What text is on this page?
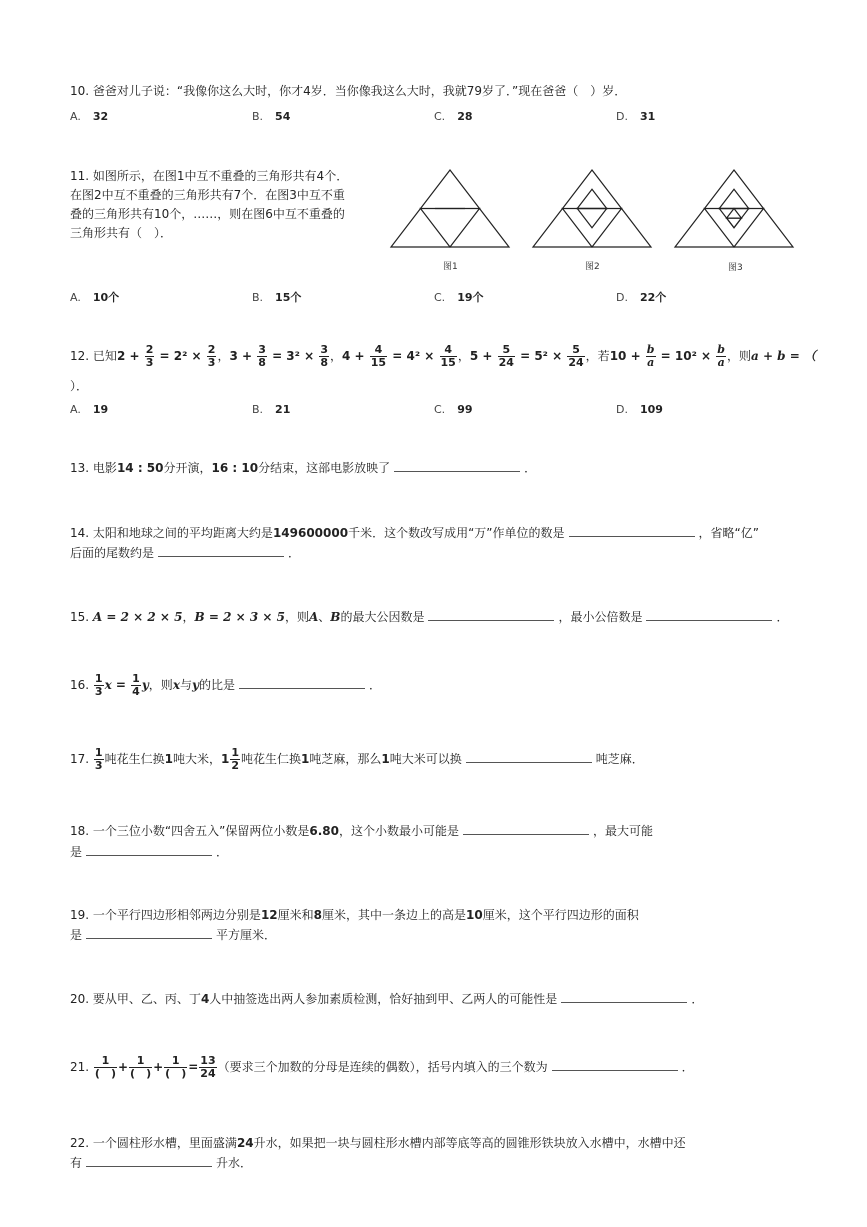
10. 爸爸对儿子说：“我像你这么大时，你才4岁．当你像我这么大时，我就79岁了．”现在爸爸（　）岁．
A. 32	B. 54	C. 28	D. 31
11. 如图所示，在图1中互不重叠的三角形共有4个．
在图2中互不重叠的三角形共有7个．在图3中互不重
叠的三角形共有10个，……，则在图6中互不重叠的
三角形共有（　）．
图1	图2	图3
A. 10个	B. 15个	C. 19个	D. 22个
12. 已知$2 + \frac{2}{3} = 2^2 \times \frac{2}{3}$ ，$3 + \frac{3}{8} = 3^2 \times \frac{3}{8}$ ，$4 + \frac{4}{15} = 4^2 \times \frac{4}{15}$ ，$5 + \frac{5}{24} = 5^2 \times \frac{5}{24}$ ，若$10 + \frac{b}{a} = 10^2 \times \frac{b}{a}$ ，则a + b = （
）．
A. 19	B. 21	C. 99	D. 109
13. 电影14 : 50分开演，16 : 10分结束，这部电影放映了	．
14. 太阳和地球之间的平均距离大约是149600000千米．这个数改写成用“万”作单位的数是	，省略“亿”
后面的尾数约是	．
15. A = 2 × 2 × 5，B = 2 × 3 × 5，则A、B的最大公因数是	，最小公倍数是	．
16. $\frac{1}{3}$ $x = \frac{1}{4}$ y，则x与y的比是	．
17. $\frac{1}{3}$ 吨花生仁换1吨大米，$1 \frac{1}{2}$ 吨花生仁换1吨芝麻，那么1吨大米可以换	吨芝麻．
18. 一个三位小数“四舍五入”保留两位小数是6.80，这个小数最小可能是	，最大可能
是	．
19. 一个平行四边形相邻两边分别是12厘米和8厘米，其中一条边上的高是10厘米，这个平行四边形的面积
是	平方厘米．
20. 要从甲、乙、丙、丁4人中抽签选出两人参加素质检测，恰好抽到甲、乙两人的可能性是	．
21. $\frac{1}{( )} + \frac{1}{( )} + \frac{1}{( )} = \frac{13}{24}$ （要求三个加数的分母是连续的偶数），括号内填入的三个数为	．
22. 一个圆柱形水槽，里面盛满24升水，如果把一块与圆柱形水槽内部等底等高的圆锥形铁块放入水槽中，水槽中还
有	升水．
